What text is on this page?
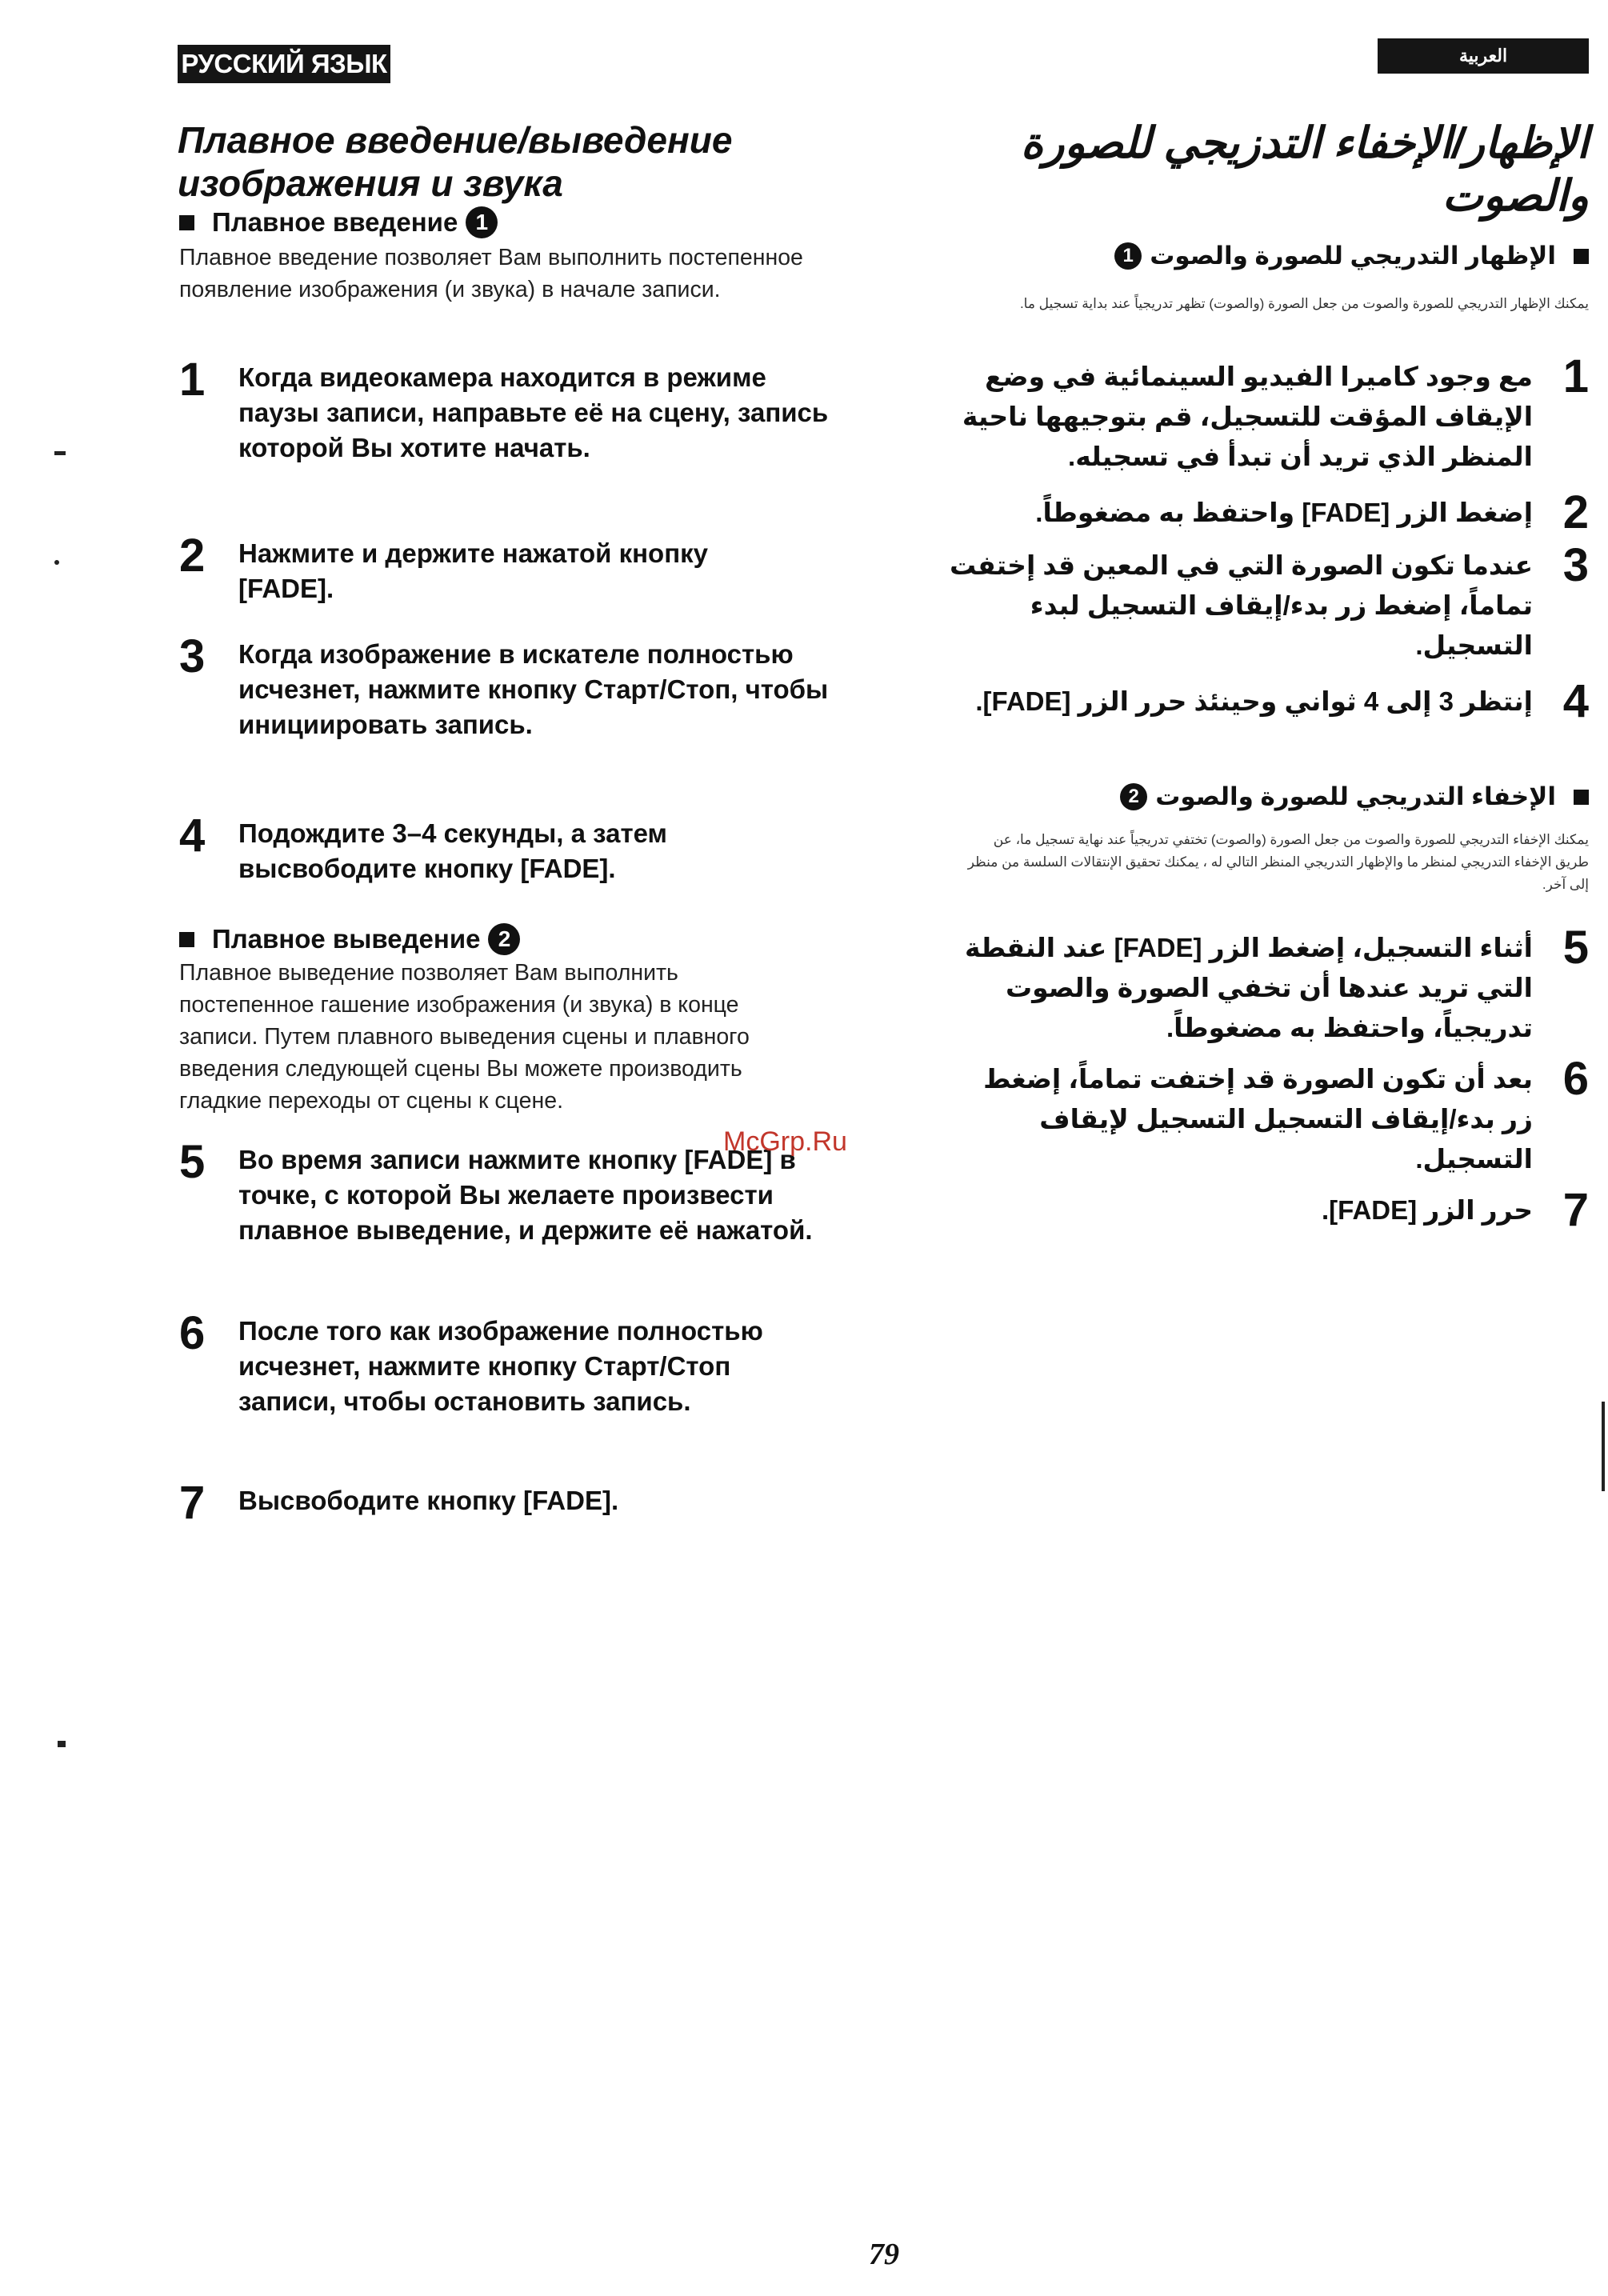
РУССКИЙ ЯЗЫК	العربية
Плавное введение/выведение изображения и звука
Плавное введение 1
Плавное введение позволяет Вам выполнить постепенное появление изображения (и звука) в начале записи.
1	Когда видеокамера находится в режиме паузы записи, направьте её на сцену, запись которой Вы хотите начать.
2	Нажмите и держите нажатой кнопку [FADE].
3	Когда изображение в искателе полностью исчезнет, нажмите кнопку Старт/Стоп, чтобы инициировать запись.
4	Подождите 3–4 секунды, а затем высвободите кнопку [FADE].
Плавное выведение 2
Плавное выведение позволяет Вам выполнить постепенное гашение изображения (и звука) в конце записи. Путем плавного выведения сцены и плавного введения следующей сцены Вы можете производить гладкие переходы от сцены к сцене.
5	Во время записи нажмите кнопку [FADE] в точке, с которой Вы желаете произвести плавное выведение, и держите её нажатой.
6	После того как изображение полностью исчезнет, нажмите кнопку Старт/Стоп записи, чтобы остановить запись.
7	Высвободите кнопку [FADE].
الإظهار/الإخفاء التدزيجي للصورة والصوت
الإظهار التدريجي للصورة والصوت
1
يمكنك الإظهار التدريجي للصورة والصوت من جعل الصورة (والصوت) تظهر تدريجياً عند بداية تسجيل ما.
1
مع وجود كاميرا الفيديو السينمائية في وضع الإيقاف المؤقت للتسجيل، قم بتوجيهها ناحية المنظر الذي تريد أن تبدأ في تسجيله.
2
إضغط الزر [FADE] واحتفظ به مضغوطاً.
3
عندما تكون الصورة التي في المعين قد إختفت تماماً، إضغط زر بدء/إيقاف التسجيل لبدء التسجيل.
4
إنتظر 3 إلى 4 ثواني وحينئذ حرر الزر [FADE].
الإخفاء التدريجي للصورة والصوت
2
يمكنك الإخفاء التدريجي للصورة والصوت من جعل الصورة (والصوت) تختفي تدريجياً عند نهاية تسجيل ما، عن طريق الإخفاء التدريجي لمنظر ما والإظهار التدريجي المنظر التالي له ، يمكنك تحقيق الإنتقالات السلسة من منظر إلى آخر.
5
أثناء التسجيل، إضغط الزر [FADE] عند النقطة التي تريد عندها أن تخفي الصورة والصوت تدريجياً، واحتفظ به مضغوطاً.
6
بعد أن تكون الصورة قد إختفت تماماً، إضغط زر بدء/إيقاف التسجيل التسجيل لإيقاف التسجيل.
7
حرر الزر [FADE].
McGrp.Ru
79
